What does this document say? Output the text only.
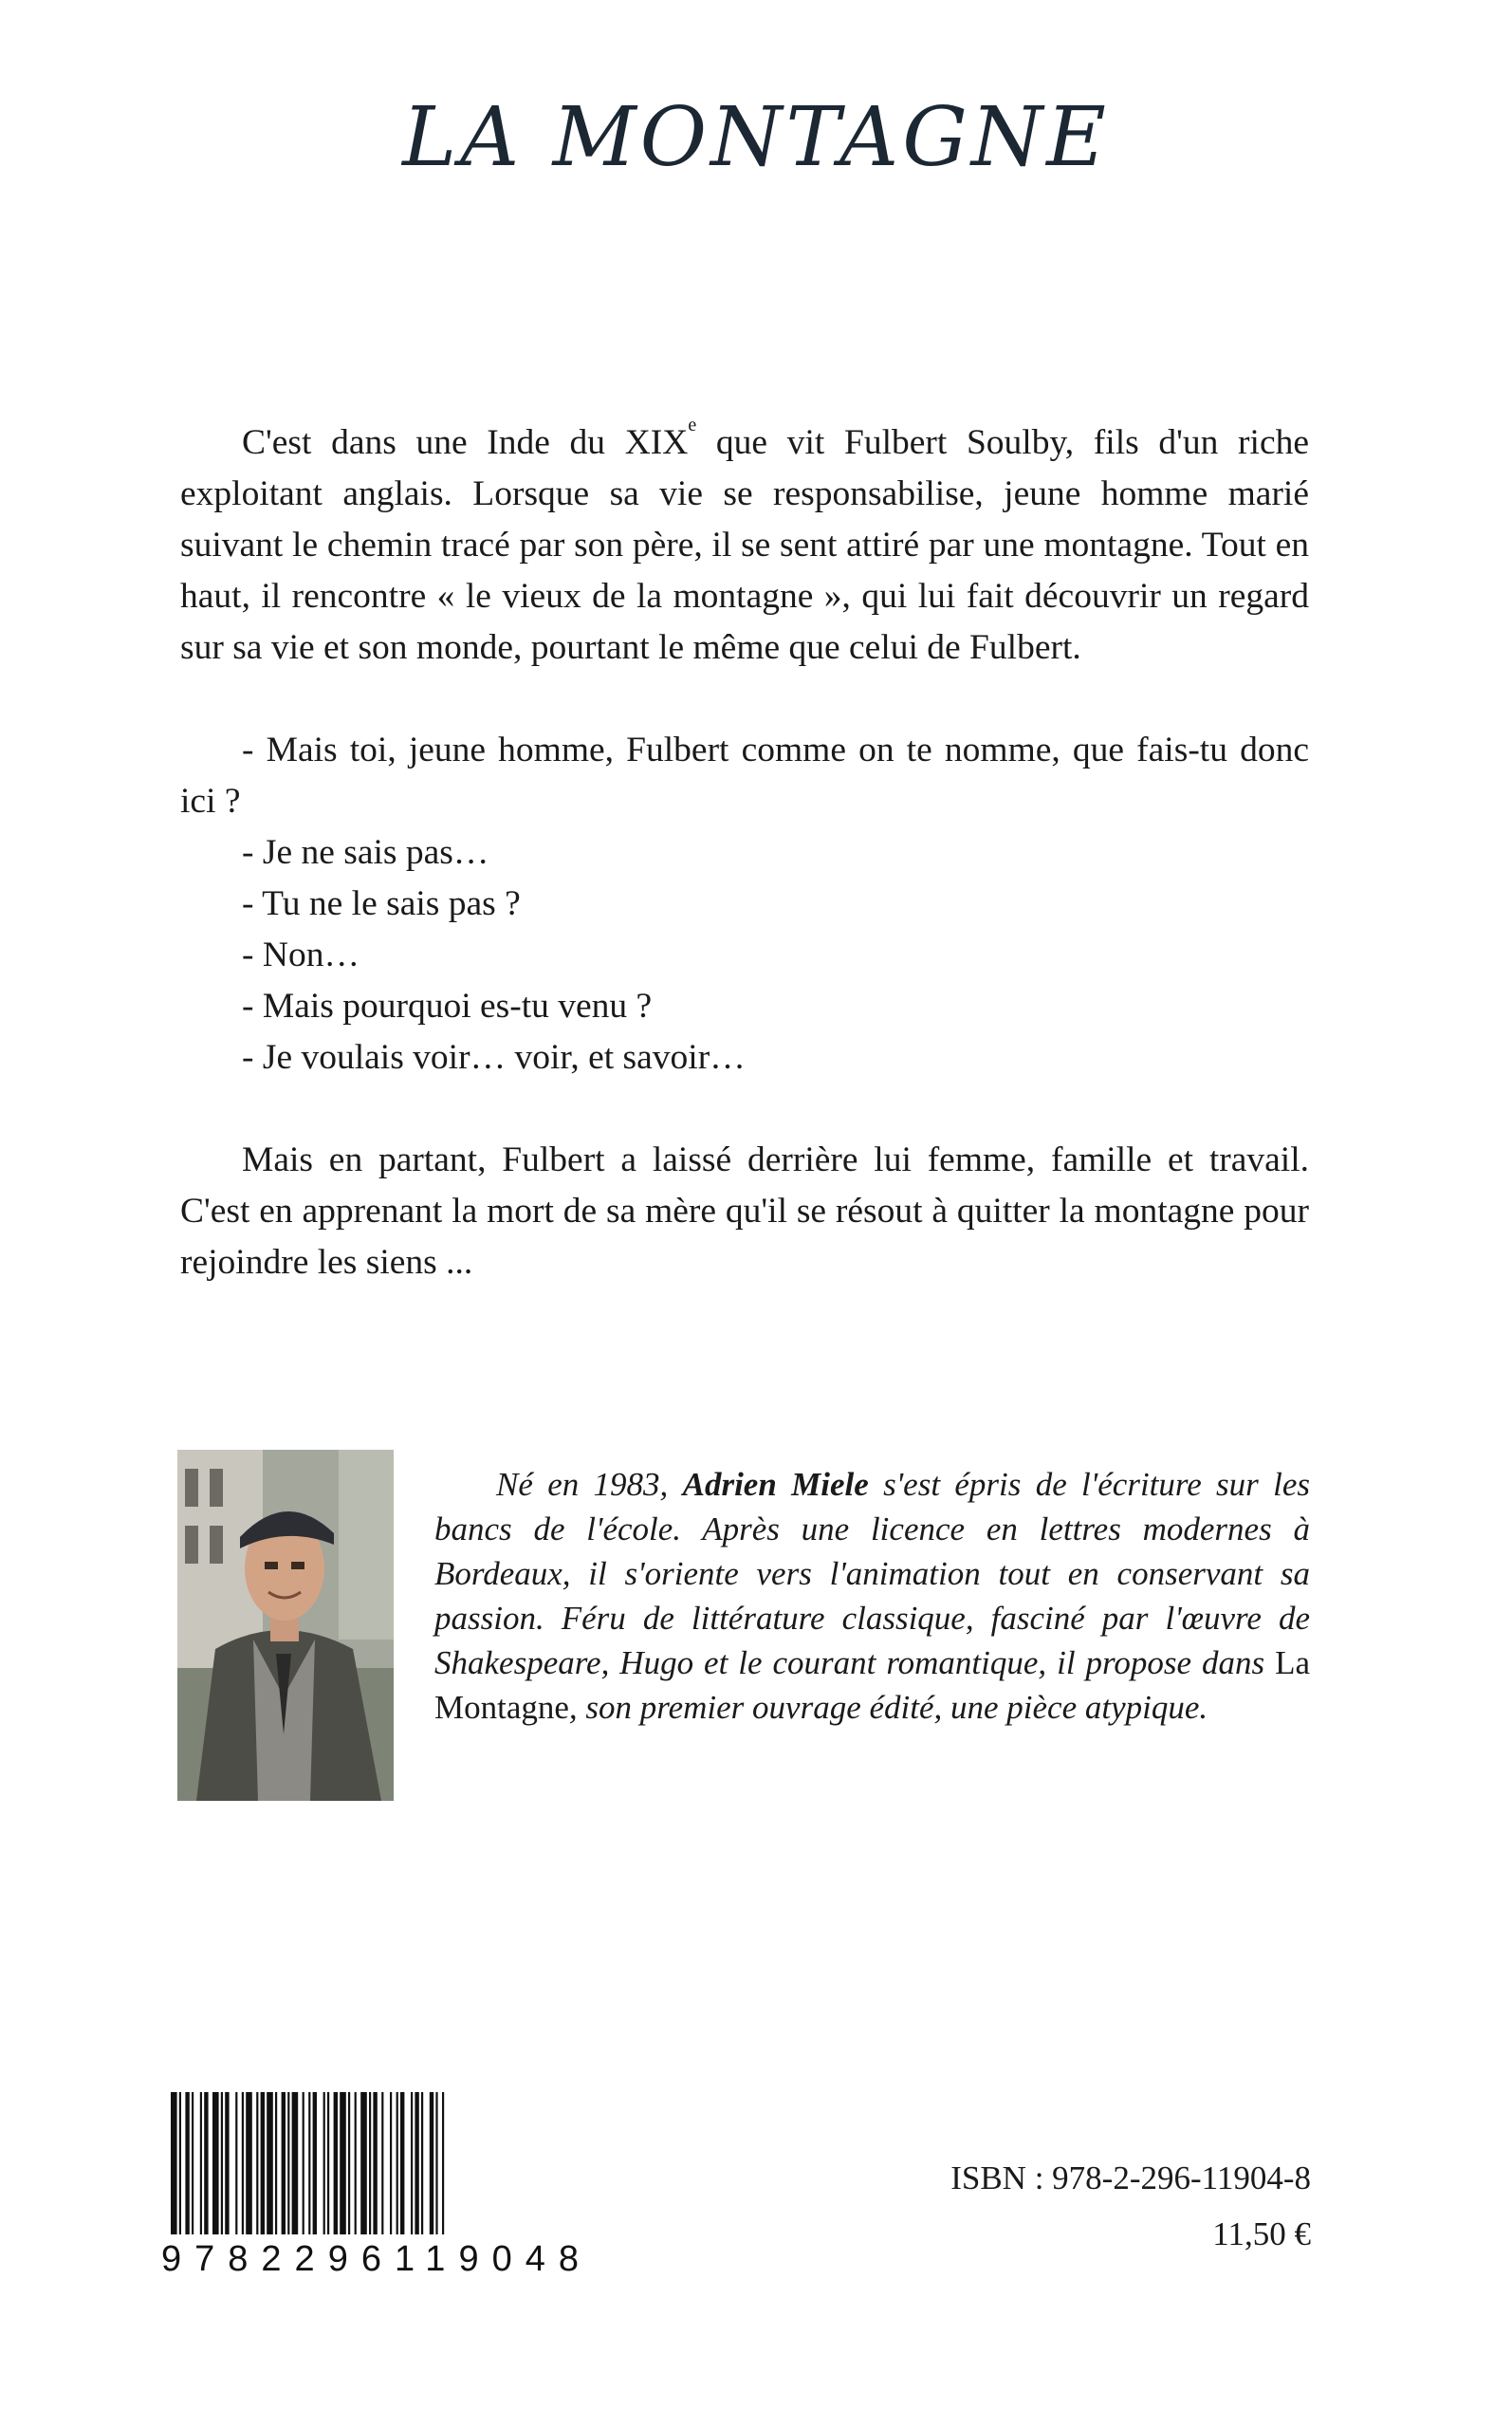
LA MONTAGNE

C'est dans une Inde du XIXe que vit Fulbert Soulby, fils d'un riche exploitant anglais. Lorsque sa vie se responsabilise, jeune homme marié suivant le chemin tracé par son père, il se sent attiré par une montagne. Tout en haut, il rencontre « le vieux de la montagne », qui lui fait découvrir un regard sur sa vie et son monde, pourtant le même que celui de Fulbert.

- Mais toi, jeune homme, Fulbert comme on te nomme, que fais-tu donc ici ?
- Je ne sais pas…
- Tu ne le sais pas ?
- Non…
- Mais pourquoi es-tu venu ?
- Je voulais voir… voir, et savoir…

Mais en partant, Fulbert a laissé derrière lui femme, famille et travail. C'est en apprenant la mort de sa mère qu'il se résout à quitter la montagne pour rejoindre les siens ...

Né en 1983, Adrien Miele s'est épris de l'écriture sur les bancs de l'école. Après une licence en lettres modernes à Bordeaux, il s'oriente vers l'animation tout en conservant sa passion. Féru de littérature classique, fasciné par l'œuvre de Shakespeare, Hugo et le courant romantique, il propose dans La Montagne, son premier ouvrage édité, une pièce atypique.

9782296119048

ISBN : 978-2-296-11904-8

11,50 €
